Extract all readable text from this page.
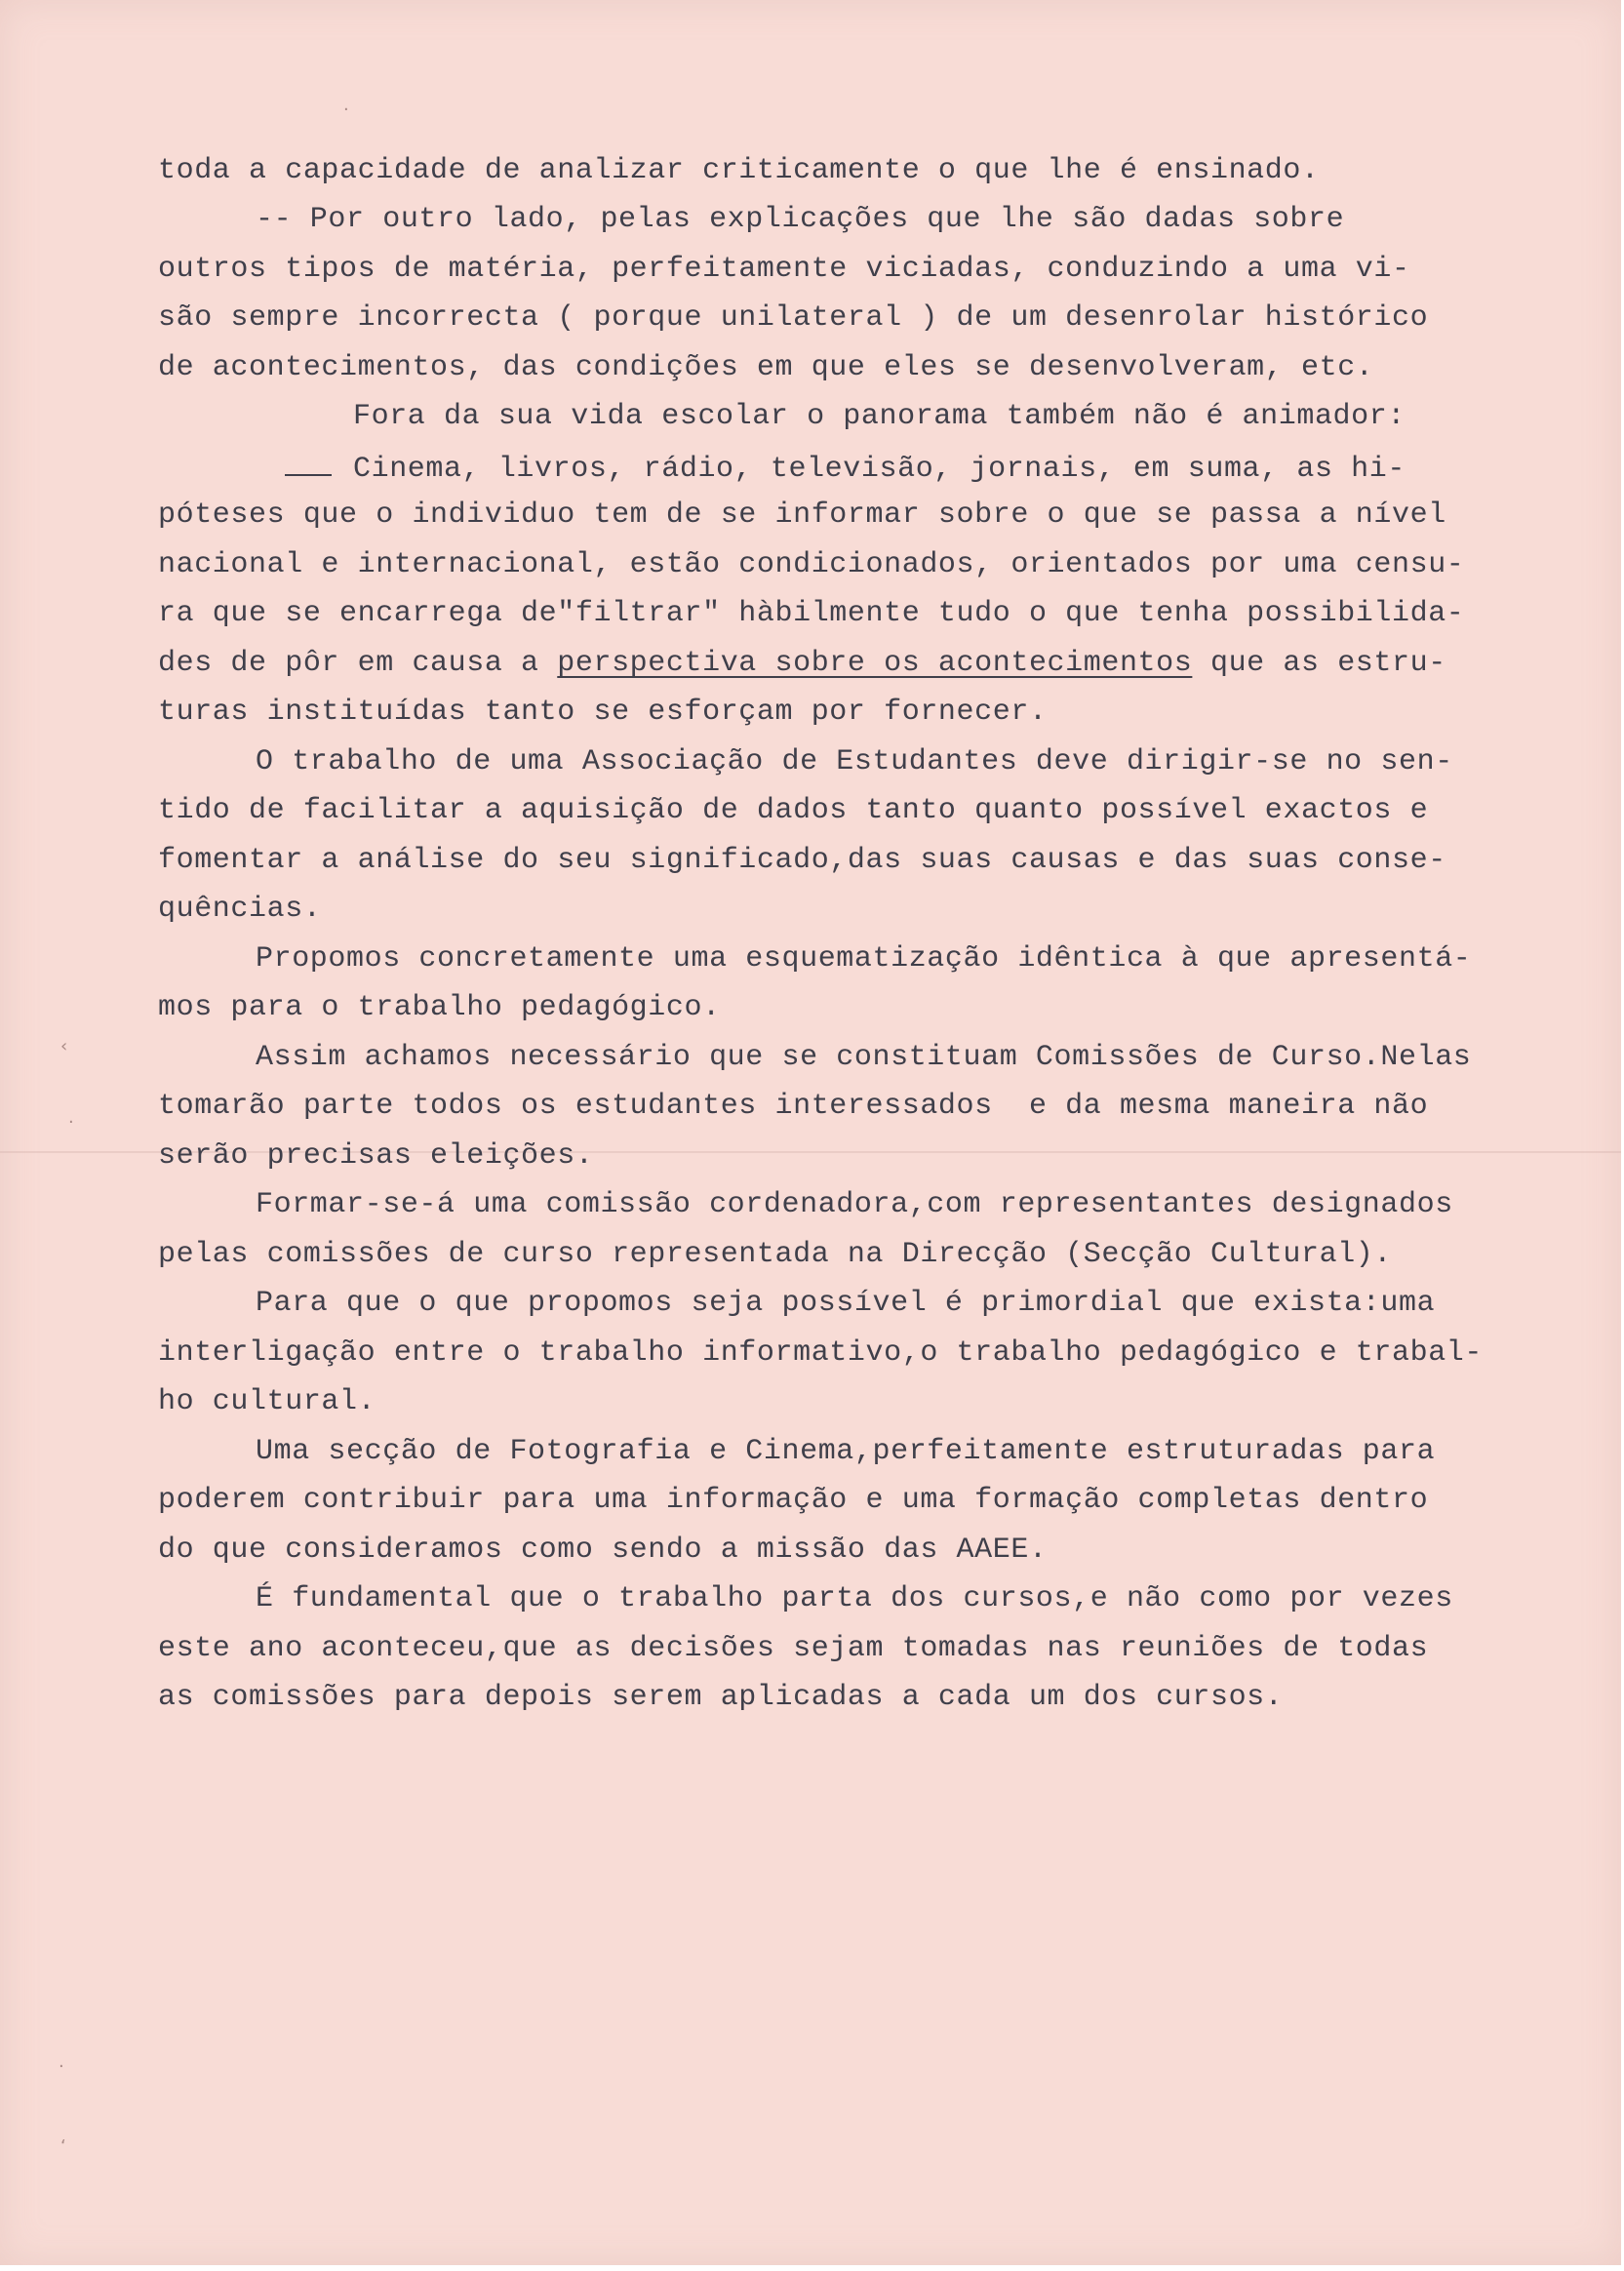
·
‹
·
·
‘
toda a capacidade de analizar criticamente o que lhe é ensinado.
-- Por outro lado, pelas explicações que lhe são dadas sobre
outros tipos de matéria, perfeitamente viciadas, conduzindo a uma vi-
são sempre incorrecta ( porque unilateral ) de um desenrolar histórico
de acontecimentos, das condições em que eles se desenvolveram, etc.
Fora da sua vida escolar o panorama também não é animador:
Cinema, livros, rádio, televisão, jornais, em suma, as hi-
póteses que o individuo tem de se informar sobre o que se passa a nível
nacional e internacional, estão condicionados, orientados por uma censu-
ra que se encarrega de"filtrar" hàbilmente tudo o que tenha possibilida-
des de pôr em causa a perspectiva sobre os acontecimentos que as estru-
turas instituídas tanto se esforçam por fornecer.
O trabalho de uma Associação de Estudantes deve dirigir-se no sen-
tido de facilitar a aquisição de dados tanto quanto possível exactos e
fomentar a análise do seu significado,das suas causas e das suas conse-
quências.
Propomos concretamente uma esquematização idêntica à que apresentá-
mos para o trabalho pedagógico.
Assim achamos necessário que se constituam Comissões de Curso.Nelas
tomarão parte todos os estudantes interessados  e da mesma maneira não
serão precisas eleições.
Formar-se-á uma comissão cordenadora,com representantes designados
pelas comissões de curso representada na Direcção (Secção Cultural).
Para que o que propomos seja possível é primordial que exista:uma
interligação entre o trabalho informativo,o trabalho pedagógico e trabal-
ho cultural.
Uma secção de Fotografia e Cinema,perfeitamente estruturadas para
poderem contribuir para uma informação e uma formação completas dentro
do que consideramos como sendo a missão das AAEE.
É fundamental que o trabalho parta dos cursos,e não como por vezes
este ano aconteceu,que as decisões sejam tomadas nas reuniões de todas
as comissões para depois serem aplicadas a cada um dos cursos.
